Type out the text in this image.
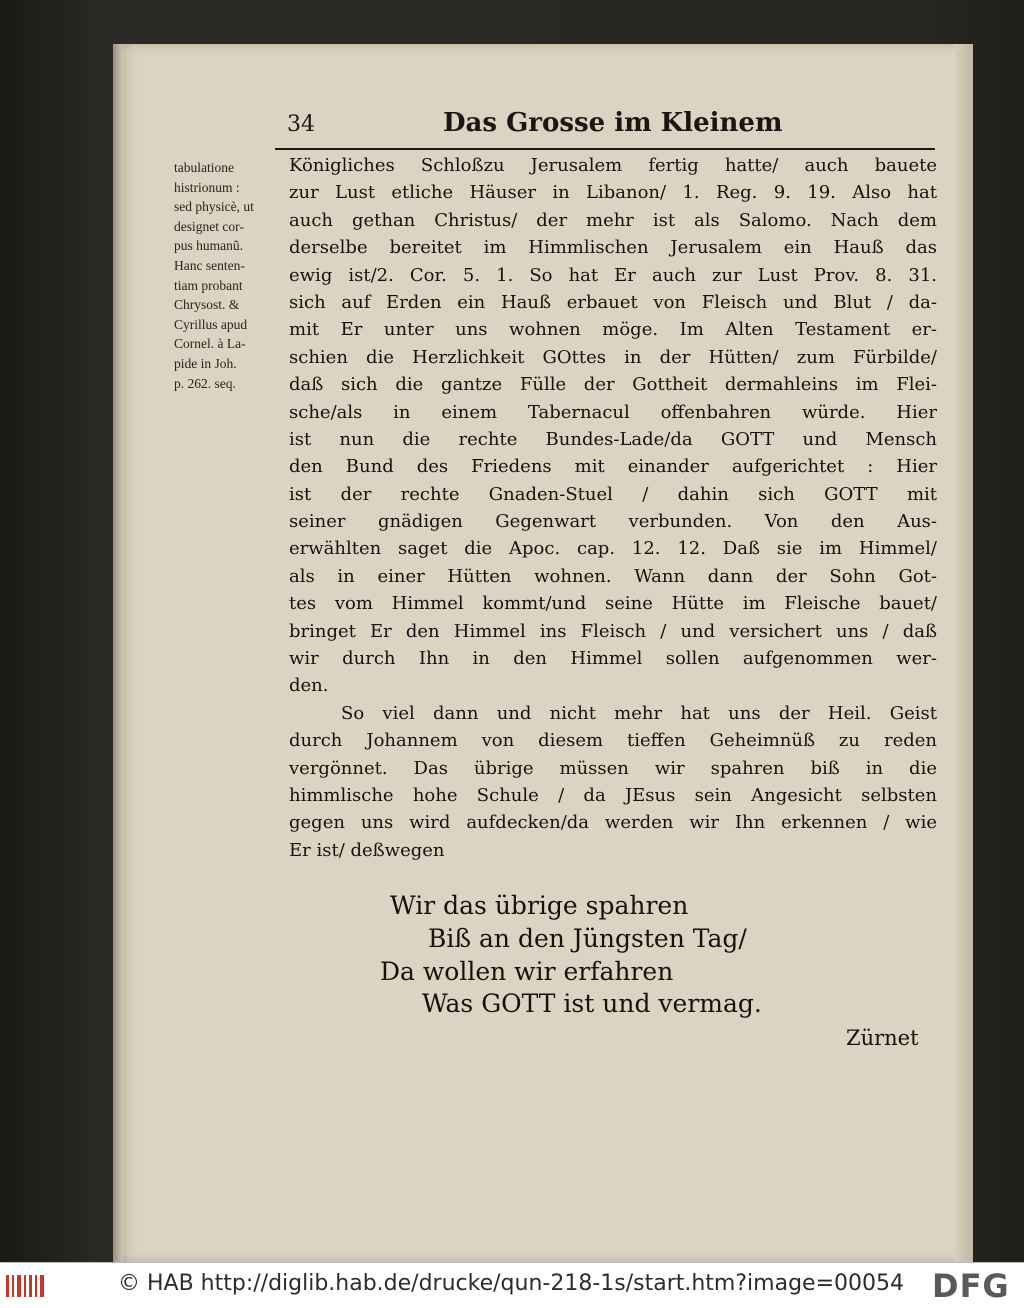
34	Das Grosse im Kleinem
tabulatione
histrionum :
sed physicè, ut
designet cor-
pus humanũ.
Hanc senten-
tiam probant
Chrysost. &
Cyrillus apud
Cornel. à La-
pide in Joh.
p. 262. seq.
Königliches Schloßzu Jerusalem fertig hatte/ auch bauete
zur Lust etliche Häuser in Libanon/ 1. Reg. 9. 19. Also hat
auch gethan Christus/ der mehr ist als Salomo. Nach dem
derselbe bereitet im Himmlischen Jerusalem ein Hauß das
ewig ist/2. Cor. 5. 1. So hat Er auch zur Lust Prov. 8. 31.
sich auf Erden ein Hauß erbauet von Fleisch und Blut / da-
mit Er unter uns wohnen möge. Im Alten Testament er-
schien die Herzlichkeit GOttes in der Hütten/ zum Fürbilde/
daß sich die gantze Fülle der Gottheit dermahleins im Flei-
sche/als in einem Tabernacul offenbahren würde. Hier
ist nun die rechte Bundes-Lade/da GOTT und Mensch
den Bund des Friedens mit einander aufgerichtet : Hier
ist der rechte Gnaden-Stuel / dahin sich GOTT mit
seiner gnädigen Gegenwart verbunden. Von den Aus-
erwählten saget die Apoc. cap. 12. 12. Daß sie im Himmel/
als in einer Hütten wohnen. Wann dann der Sohn Got-
tes vom Himmel kommt/und seine Hütte im Fleische bauet/
bringet Er den Himmel ins Fleisch / und versichert uns / daß
wir durch Ihn in den Himmel sollen aufgenommen wer-
den.
So viel dann und nicht mehr hat uns der Heil. Geist
durch Johannem von diesem tieffen Geheimnüß zu reden
vergönnet. Das übrige müssen wir spahren biß in die
himmlische hohe Schule / da JEsus sein Angesicht selbsten
gegen uns wird aufdecken/da werden wir Ihn erkennen / wie
Er ist/ deßwegen
Wir das übrige spahren
Biß an den Jüngsten Tag/
Da wollen wir erfahren
Was GOTT ist und vermag.
Zürnet
© HAB http://diglib.hab.de/drucke/qun-218-1s/start.htm?image=00054 DFG
